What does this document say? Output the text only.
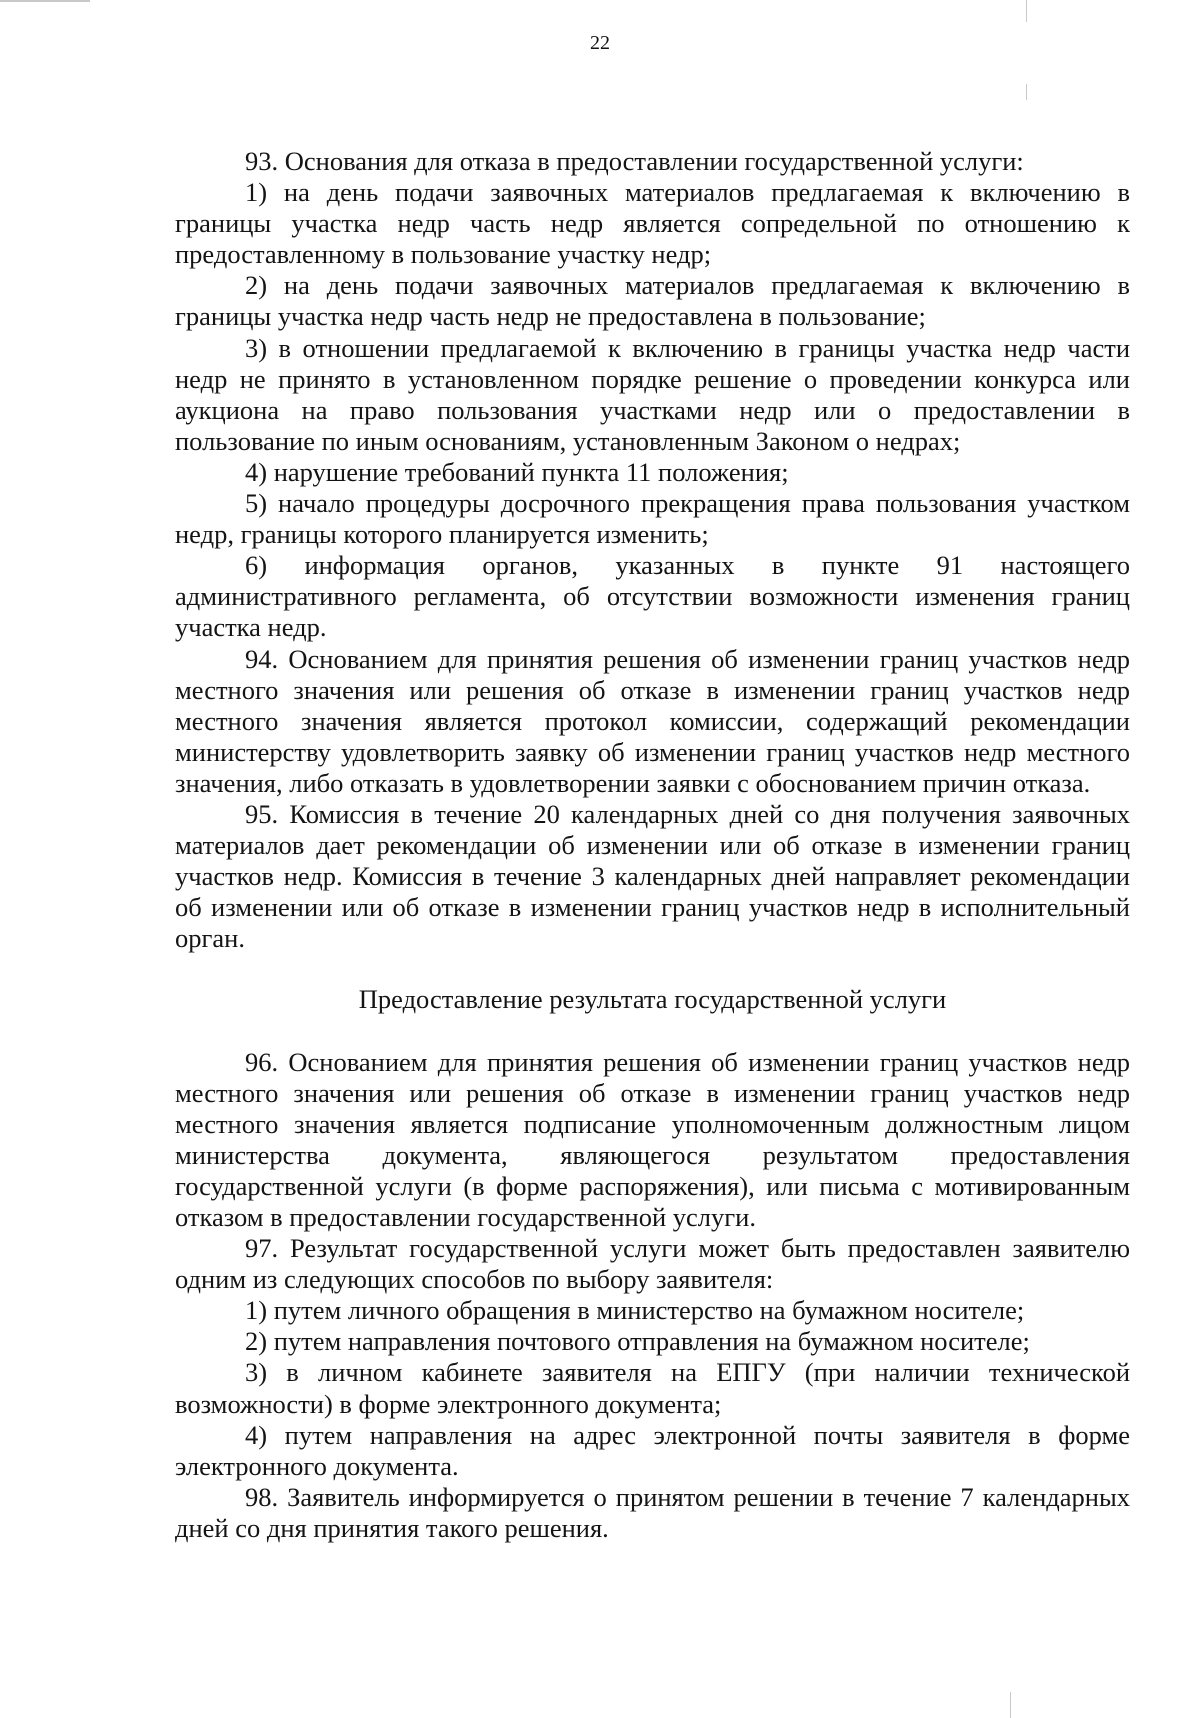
22

93. Основания для отказа в предоставлении государственной услуги:

1) на день подачи заявочных материалов предлагаемая к включению в границы участка недр часть недр является сопредельной по отношению к предоставленному в пользование участку недр;

2) на день подачи заявочных материалов предлагаемая к включению в границы участка недр часть недр не предоставлена в пользование;

3) в отношении предлагаемой к включению в границы участка недр части недр не принято в установленном порядке решение о проведении конкурса или аукциона на право пользования участками недр или о предоставлении в пользование по иным основаниям, установленным Законом о недрах;

4) нарушение требований пункта 11 положения;

5) начало процедуры досрочного прекращения права пользования участком недр, границы которого планируется изменить;

6) информация органов, указанных в пункте 91 настоящего административного регламента, об отсутствии возможности изменения границ участка недр.

94. Основанием для принятия решения об изменении границ участков недр местного значения или решения об отказе в изменении границ участков недр местного значения является протокол комиссии, содержащий рекомендации министерству удовлетворить заявку об изменении границ участков недр местного значения, либо отказать в удовлетворении заявки с обоснованием причин отказа.

95. Комиссия в течение 20 календарных дней со дня получения заявочных материалов дает рекомендации об изменении или об отказе в изменении границ участков недр. Комиссия в течение 3 календарных дней направляет рекомендации об изменении или об отказе в изменении границ участков недр в исполнительный орган.

Предоставление результата государственной услуги

96. Основанием для принятия решения об изменении границ участков недр местного значения или решения об отказе в изменении границ участков недр местного значения является подписание уполномоченным должностным лицом министерства документа, являющегося результатом предоставления государственной услуги (в форме распоряжения), или письма с мотивированным отказом в предоставлении государственной услуги.

97. Результат государственной услуги может быть предоставлен заявителю одним из следующих способов по выбору заявителя:

1) путем личного обращения в министерство на бумажном носителе;

2) путем направления почтового отправления на бумажном носителе;

3) в личном кабинете заявителя на ЕПГУ (при наличии технической возможности) в форме электронного документа;

4) путем направления на адрес электронной почты заявителя в форме электронного документа.

98. Заявитель информируется о принятом решении в течение 7 календарных дней со дня принятия такого решения.
